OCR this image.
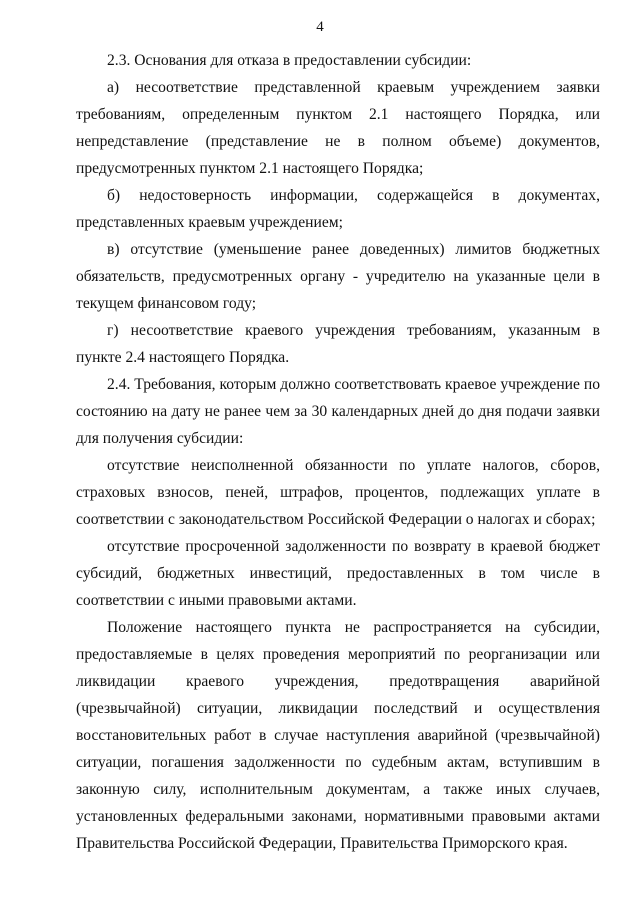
4

2.3. Основания для отказа в предоставлении субсидии:

а) несоответствие представленной краевым учреждением заявки требованиям, определенным пунктом 2.1 настоящего Порядка, или непредставление (представление не в полном объеме) документов, предусмотренных пунктом 2.1 настоящего Порядка;

б) недостоверность информации, содержащейся в документах, представленных краевым учреждением;

в) отсутствие (уменьшение ранее доведенных) лимитов бюджетных обязательств, предусмотренных органу - учредителю на указанные цели в текущем финансовом году;

г) несоответствие краевого учреждения требованиям, указанным в пункте 2.4 настоящего Порядка.

2.4. Требования, которым должно соответствовать краевое учреждение по состоянию на дату не ранее чем за 30 календарных дней до дня подачи заявки для получения субсидии:

отсутствие неисполненной обязанности по уплате налогов, сборов, страховых взносов, пеней, штрафов, процентов, подлежащих уплате в соответствии с законодательством Российской Федерации о налогах и сборах;

отсутствие просроченной задолженности по возврату в краевой бюджет субсидий, бюджетных инвестиций, предоставленных в том числе в соответствии с иными правовыми актами.

Положение настоящего пункта не распространяется на субсидии, предоставляемые в целях проведения мероприятий по реорганизации или ликвидации краевого учреждения, предотвращения аварийной (чрезвычайной) ситуации, ликвидации последствий и осуществления восстановительных работ в случае наступления аварийной (чрезвычайной) ситуации, погашения задолженности по судебным актам, вступившим в законную силу, исполнительным документам, а также иных случаев, установленных федеральными законами, нормативными правовыми актами Правительства Российской Федерации, Правительства Приморского края.
